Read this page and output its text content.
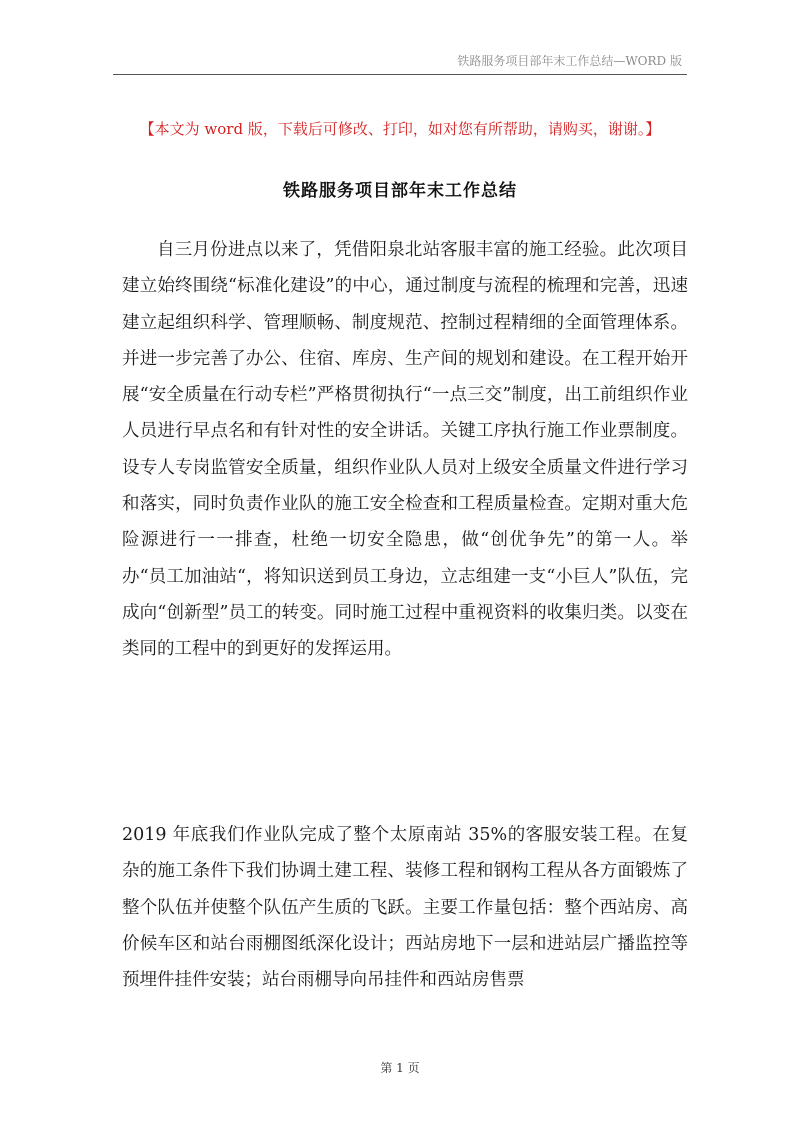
铁路服务项目部年末工作总结—WORD 版
【本文为 word 版，下载后可修改、打印，如对您有所帮助，请购买，谢谢。】
铁路服务项目部年末工作总结
自三月份进点以来了，凭借阳泉北站客服丰富的施工经验。此次项目建立始终围绕“标准化建设”的中心，通过制度与流程的梳理和完善，迅速建立起组织科学、管理顺畅、制度规范、控制过程精细的全面管理体系。并进一步完善了办公、住宿、库房、生产间的规划和建设。在工程开始开展“安全质量在行动专栏”严格贯彻执行“一点三交”制度，出工前组织作业人员进行早点名和有针对性的安全讲话。关键工序执行施工作业票制度。设专人专岗监管安全质量，组织作业队人员对上级安全质量文件进行学习和落实，同时负责作业队的施工安全检查和工程质量检查。定期对重大危险源进行一一排查，杜绝一切安全隐患，做“创优争先”的第一人。举办“员工加油站“，将知识送到员工身边，立志组建一支“小巨人”队伍，完成向“创新型”员工的转变。同时施工过程中重视资料的收集归类。以变在类同的工程中的到更好的发挥运用。
2019 年底我们作业队完成了整个太原南站 35%的客服安装工程。在复杂的施工条件下我们协调土建工程、装修工程和钢构工程从各方面锻炼了整个队伍并使整个队伍产生质的飞跃。主要工作量包括：整个西站房、高价候车区和站台雨棚图纸深化设计；西站房地下一层和进站层广播监控等预埋件挂件安装；站台雨棚导向吊挂件和西站房售票
第 1 页
